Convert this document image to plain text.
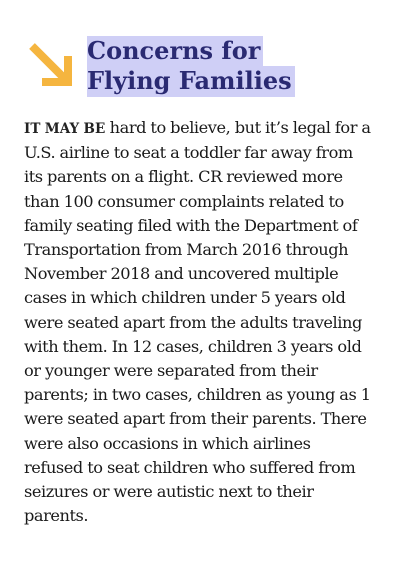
Concerns for
Flying Families

IT MAY BE hard to believe, but it’s legal for a U.S. airline to seat a toddler far away from its parents on a flight. CR reviewed more than 100 consumer complaints related to family seating filed with the Department of Transportation from March 2016 through November 2018 and uncovered multiple cases in which children under 5 years old were seated apart from the adults traveling with them. In 12 cases, children 3 years old or younger were separated from their parents; in two cases, children as young as 1 were seated apart from their parents. There were also occasions in which airlines refused to seat children who suffered from seizures or were autistic next to their parents.
